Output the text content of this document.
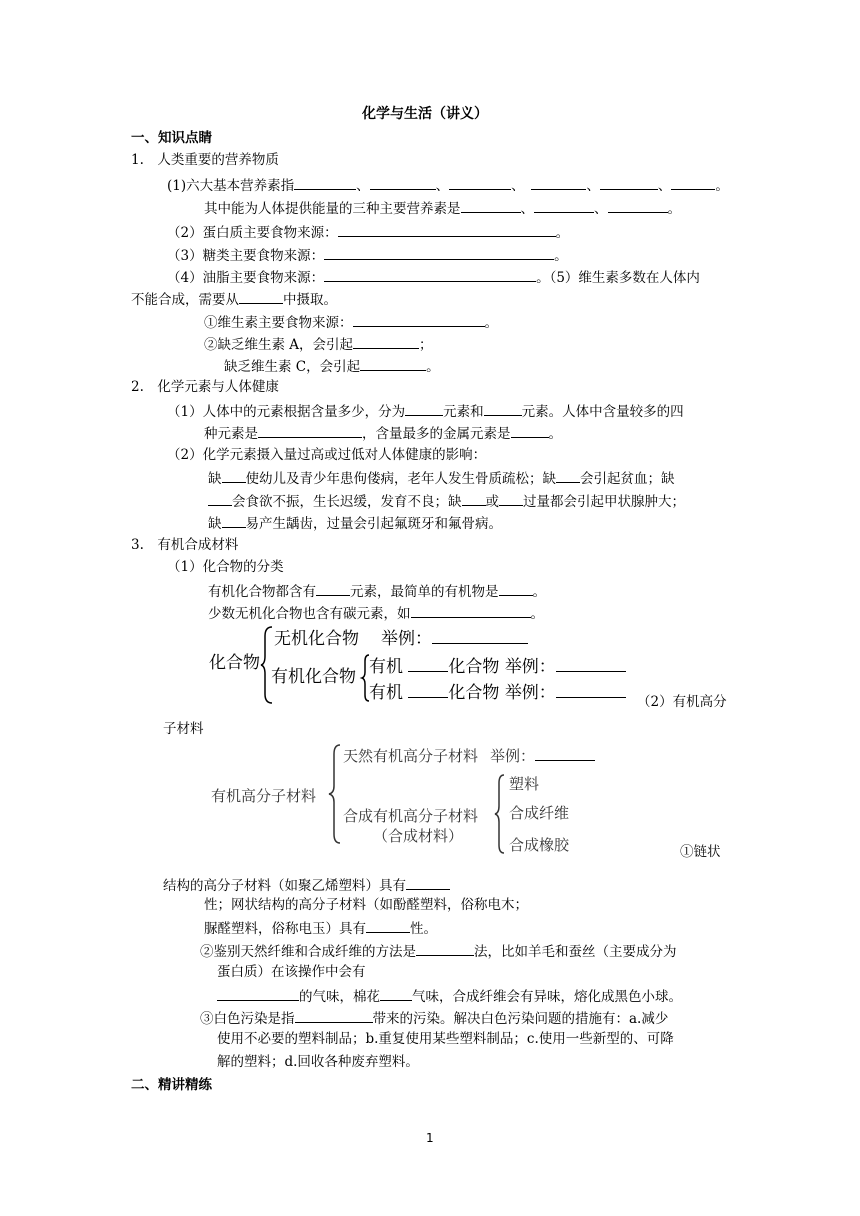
化学与生活（讲义）
一、知识点睛
1.　人类重要的营养物质
(1)六大基本营养素指	、	、	、　	、	、	。
其中能为人体提供能量的三种主要营养素是	、	、	。
（2）蛋白质主要食物来源：	。
（3）糖类主要食物来源：	。
（4）油脂主要食物来源：	。（5）维生素多数在人体内
不能合成，需要从	中摄取。
①维生素主要食物来源：	。
②缺乏维生素 A，会引起	；
缺乏维生素 C，会引起	。
2.　化学元素与人体健康
（1）人体中的元素根据含量多少，分为	元素和	元素。人体中含量较多的四
种元素是	，含量最多的金属元素是	。
（2）化学元素摄入量过高或过低对人体健康的影响：
缺 使幼儿及青少年患佝偻病，老年人发生骨质疏松；缺 会引起贫血；缺
会食欲不振，生长迟缓，发育不良；缺 或 过量都会引起甲状腺肿大；
缺 易产生龋齿，过量会引起氟斑牙和氟骨病。
3.　有机合成材料
（1）化合物的分类
有机化合物都含有	元素，最简单的有机物是	。
少数无机化合物也含有碳元素，如	。
化合物
无机化合物 举例：
有机化合物 有机	化合物 举例：
有机	化合物 举例：	（2）有机高分
子材料
有机高分子材料
天然有机高分子材料 举例：
合成有机高分子材料
（合成材料）
塑料
合成纤维
合成橡胶	①链状
结构的高分子材料（如聚乙烯塑料）具有
性；网状结构的高分子材料（如酚醛塑料，俗称电木；
脲醛塑料，俗称电玉）具有	性。
②鉴别天然纤维和合成纤维的方法是	法，比如羊毛和蚕丝（主要成分为
蛋白质）在该操作中会有
的气味，棉花 气味，合成纤维会有异味，熔化成黑色小球。
③白色污染是指	带来的污染。解决白色污染问题的措施有：a.减少
使用不必要的塑料制品；b.重复使用某些塑料制品；c.使用一些新型的、可降
解的塑料；d.回收各种废弃塑料。
二、精讲精练
1
